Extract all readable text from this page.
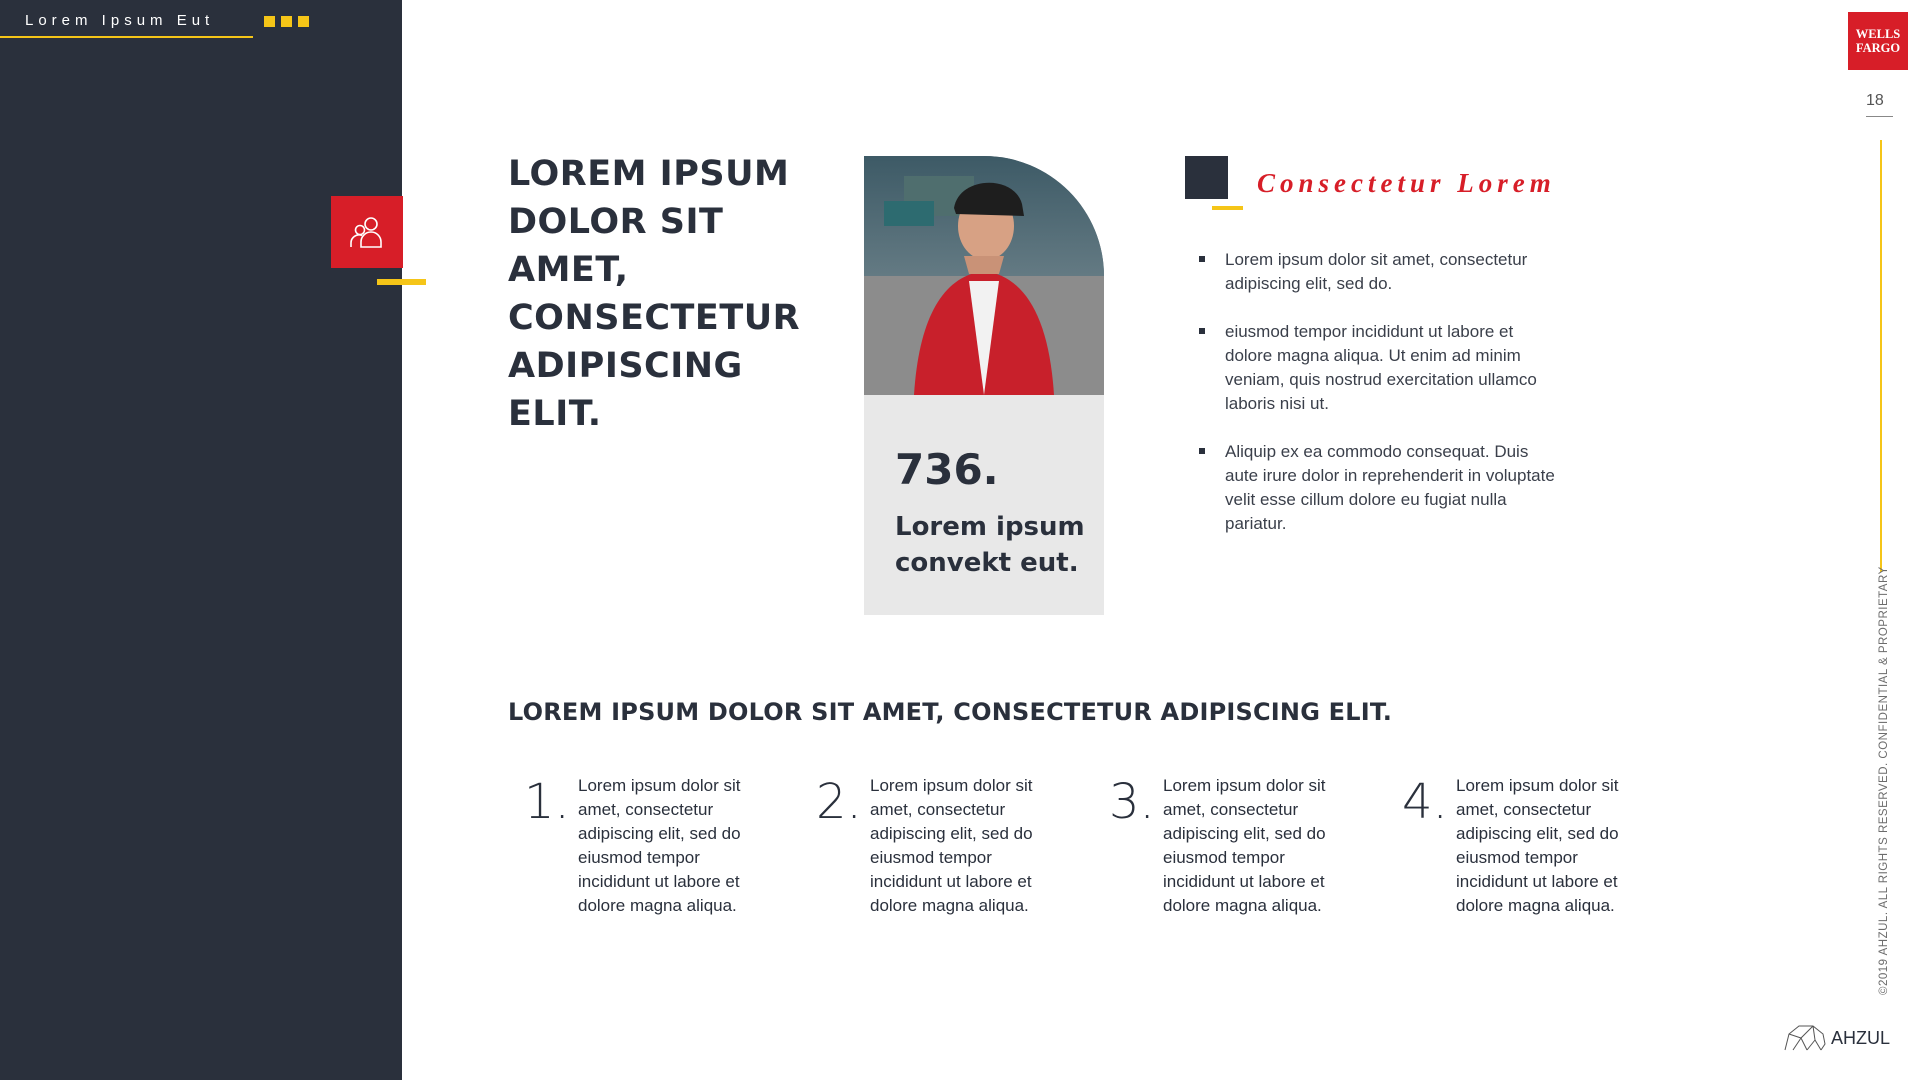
Lorem Ipsum Eut
LOREM IPSUM
DOLOR SIT
AMET,
CONSECTETUR
ADIPISCING ELIT.
736.
Lorem ipsum
convekt eut.
Consectetur Lorem
Lorem ipsum dolor sit amet, consectetur adipiscing elit, sed do.
eiusmod tempor incididunt ut labore et dolore magna aliqua. Ut enim ad minim veniam, quis nostrud exercitation ullamco laboris nisi ut.
Aliquip ex ea commodo consequat. Duis aute irure dolor in reprehenderit in voluptate velit esse cillum dolore eu fugiat nulla pariatur.
LOREM IPSUM DOLOR SIT AMET, CONSECTETUR ADIPISCING ELIT.
1. Lorem ipsum dolor sit amet, consectetur adipiscing elit, sed do eiusmod tempor incididunt ut labore et dolore magna aliqua.
2. Lorem ipsum dolor sit amet, consectetur adipiscing elit, sed do eiusmod tempor incididunt ut labore et dolore magna aliqua.
3. Lorem ipsum dolor sit amet, consectetur adipiscing elit, sed do eiusmod tempor incididunt ut labore et dolore magna aliqua.
4. Lorem ipsum dolor sit amet, consectetur adipiscing elit, sed do eiusmod tempor incididunt ut labore et dolore magna aliqua.
WELLS
FARGO
18
©2019 AHZUL. ALL RIGHTS RESERVED. CONFIDENTIAL & PROPRIETARY
AHZUL
